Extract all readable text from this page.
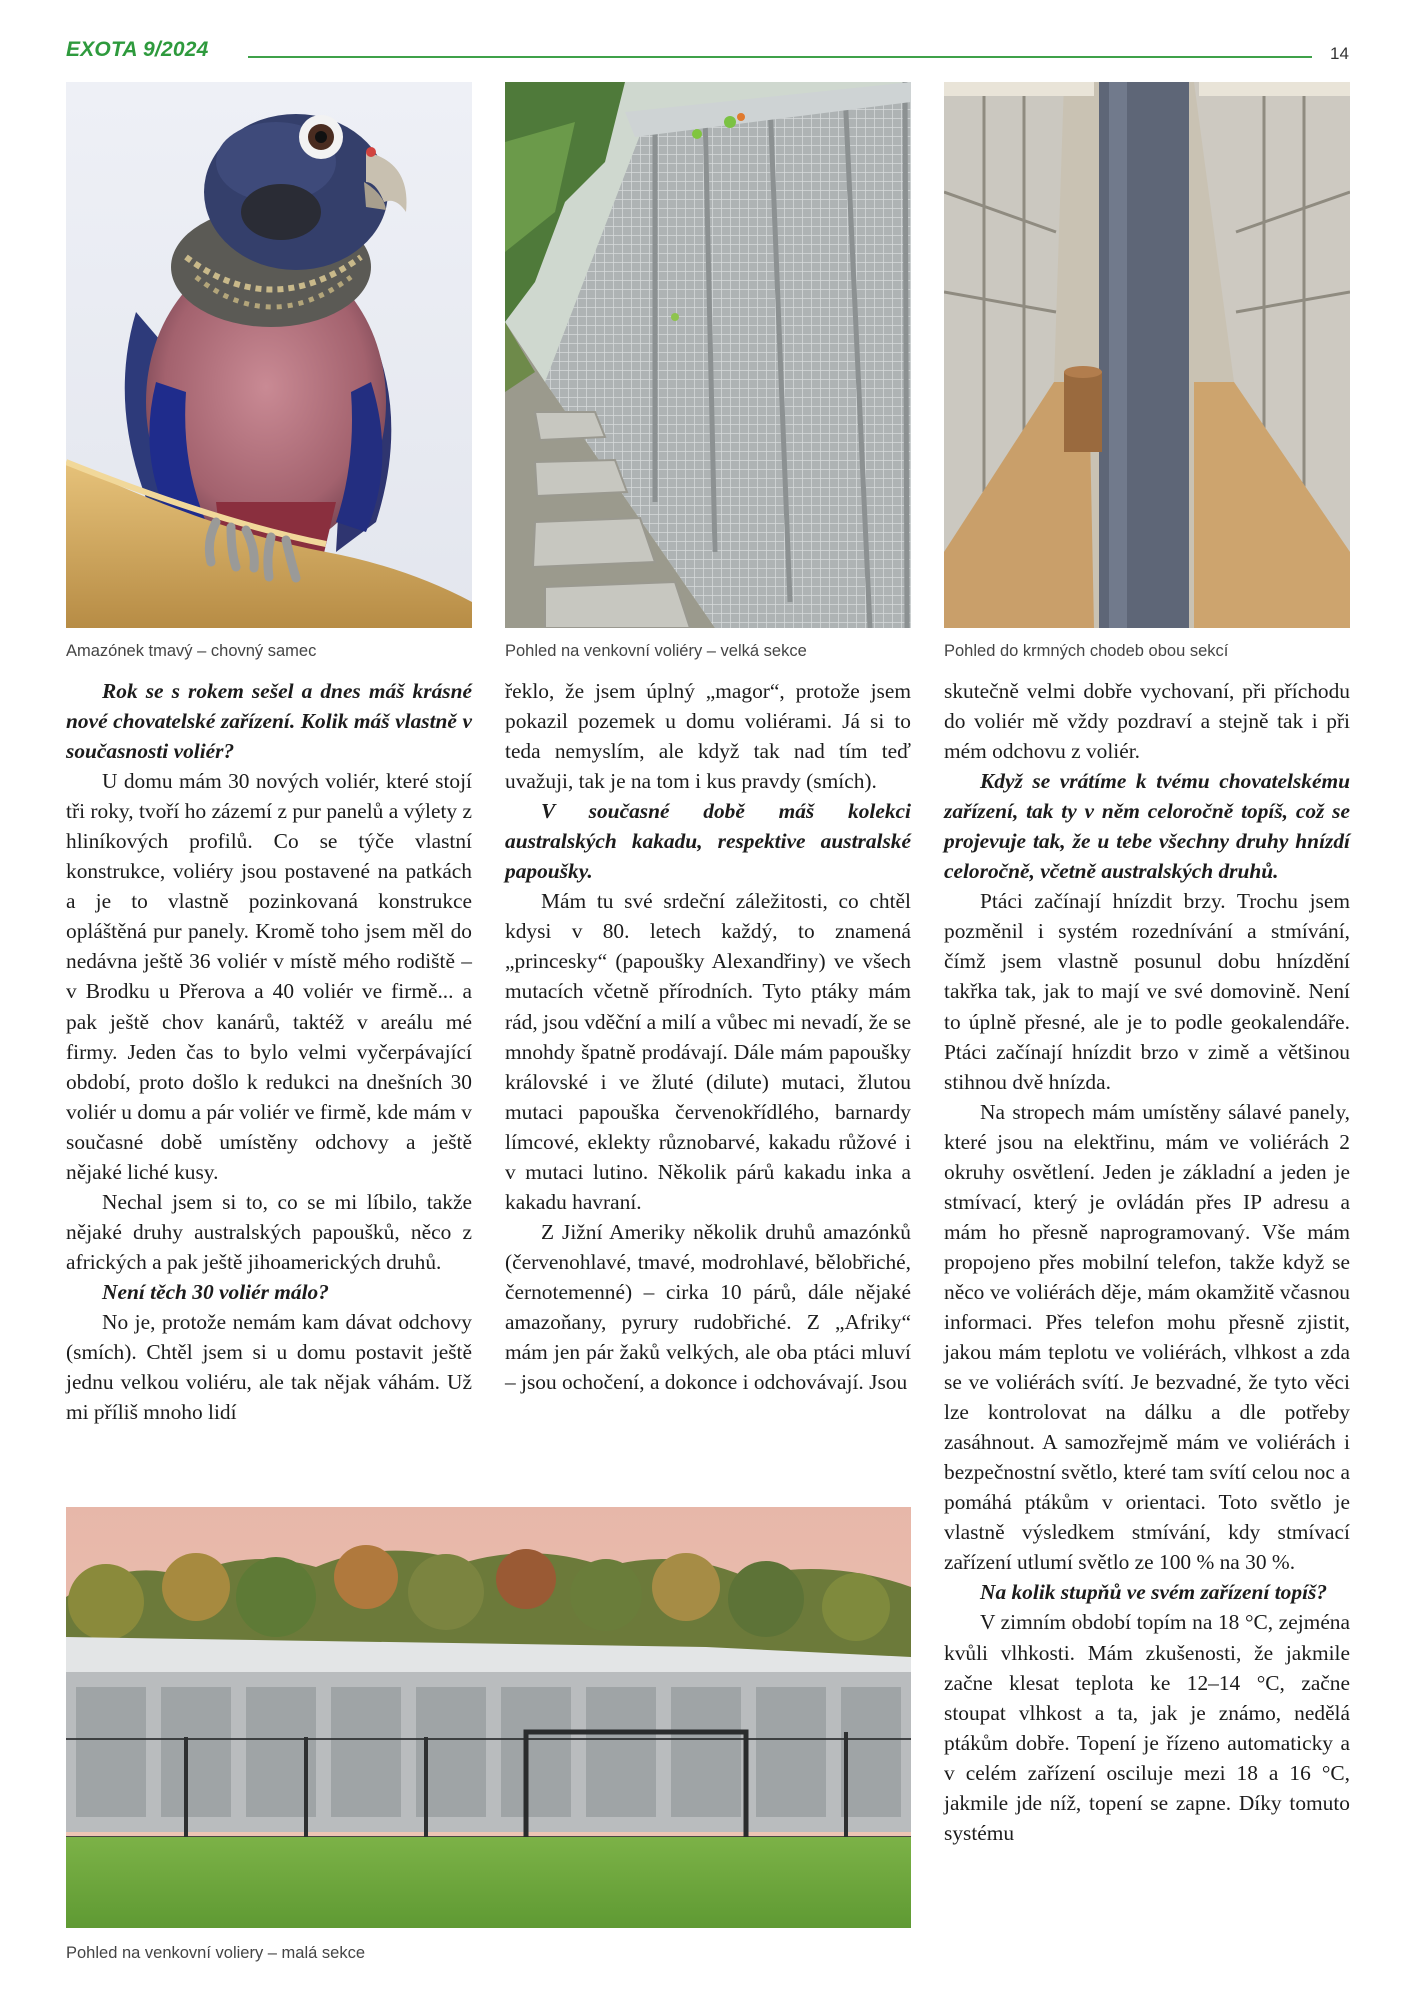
EXOTA 9/2024	14
Amazónek tmavý – chovný samec	Pohled na venkovní voliéry – velká sekce	Pohled do krmných chodeb obou sekcí
Pohled na venkovní voliery – malá sekce

Rok se s rokem sešel a dnes máš krásné nové chovatelské zařízení. Kolik máš vlastně v současnosti voliér?

U domu mám 30 nových voliér, které stojí tři roky, tvoří ho zázemí z pur panelů a výlety z hliníkových profilů. Co se týče vlastní konstrukce, voliéry jsou postavené na patkách a je to vlastně pozinkovaná konstrukce opláštěná pur panely. Kromě toho jsem měl do nedávna ještě 36 voliér v místě mého rodiště – v Brodku u Přerova a 40 voliér ve firmě... a pak ještě chov kanárů, taktéž v areálu mé firmy. Jeden čas to bylo velmi vyčerpávající období, proto došlo k redukci na dnešních 30 voliér u domu a pár voliér ve firmě, kde mám v současné době umístěny odchovy a ještě nějaké liché kusy.

Nechal jsem si to, co se mi líbilo, takže nějaké druhy australských papoušků, něco z afrických a pak ještě jihoamerických druhů.

Není těch 30 voliér málo?

No je, protože nemám kam dávat odchovy (smích). Chtěl jsem si u domu postavit ještě jednu velkou voliéru, ale tak nějak váhám. Už mi příliš mnoho lidí

řeklo, že jsem úplný „magor“, protože jsem pokazil pozemek u domu voliérami. Já si to teda nemyslím, ale když tak nad tím teď uvažuji, tak je na tom i kus pravdy (smích).

V současné době máš kolekci australských kakadu, respektive australské papoušky.

Mám tu své srdeční záležitosti, co chtěl kdysi v 80. letech každý, to znamená „princesky“ (papoušky Alexandřiny) ve všech mutacích včetně přírodních. Tyto ptáky mám rád, jsou vděční a milí a vůbec mi nevadí, že se mnohdy špatně prodávají. Dále mám papoušky královské i ve žluté (dilute) mutaci, žlutou mutaci papouška červenokřídlého, barnardy límcové, eklekty různobarvé, kakadu růžové i v mutaci lutino. Několik párů kakadu inka a kakadu havraní.

Z Jižní Ameriky několik druhů amazónků (červenohlavé, tmavé, modrohlavé, bělobřiché, černotemenné) – cirka 10 párů, dále nějaké amazoňany, pyrury rudobřiché. Z „Afriky“ mám jen pár žaků velkých, ale oba ptáci mluví – jsou ochočení, a dokonce i odchovávají. Jsou

skutečně velmi dobře vychovaní, při příchodu do voliér mě vždy pozdraví a stejně tak i při mém odchovu z voliér.

Když se vrátíme k tvému chovatelskému zařízení, tak ty v něm celoročně topíš, což se projevuje tak, že u tebe všechny druhy hnízdí celoročně, včetně australských druhů.

Ptáci začínají hnízdit brzy. Trochu jsem pozměnil i systém rozednívání a stmívání, čímž jsem vlastně posunul dobu hnízdění takřka tak, jak to mají ve své domovině. Není to úplně přesné, ale je to podle geokalendáře. Ptáci začínají hnízdit brzo v zimě a většinou stihnou dvě hnízda.

Na stropech mám umístěny sálavé panely, které jsou na elektřinu, mám ve voliérách 2 okruhy osvětlení. Jeden je základní a jeden je stmívací, který je ovládán přes IP adresu a mám ho přesně naprogramovaný. Vše mám propojeno přes mobilní telefon, takže když se něco ve voliérách děje, mám okamžitě včasnou informaci. Přes telefon mohu přesně zjistit, jakou mám teplotu ve voliérách, vlhkost a zda se ve voliérách svítí. Je bezvadné, že tyto věci lze kontrolovat na dálku a dle potřeby zasáhnout. A samozřejmě mám ve voliérách i bezpečnostní světlo, které tam svítí celou noc a pomáhá ptákům v orientaci. Toto světlo je vlastně výsledkem stmívání, kdy stmívací zařízení utlumí světlo ze 100 % na 30 %.

Na kolik stupňů ve svém zařízení topíš?

V zimním období topím na 18 °C, zejména kvůli vlhkosti. Mám zkušenosti, že jakmile začne klesat teplota ke 12–14 °C, začne stoupat vlhkost a ta, jak je známo, nedělá ptákům dobře. Topení je řízeno automaticky a v celém zařízení osciluje mezi 18 a 16 °C, jakmile jde níž, topení se zapne. Díky tomuto systému
